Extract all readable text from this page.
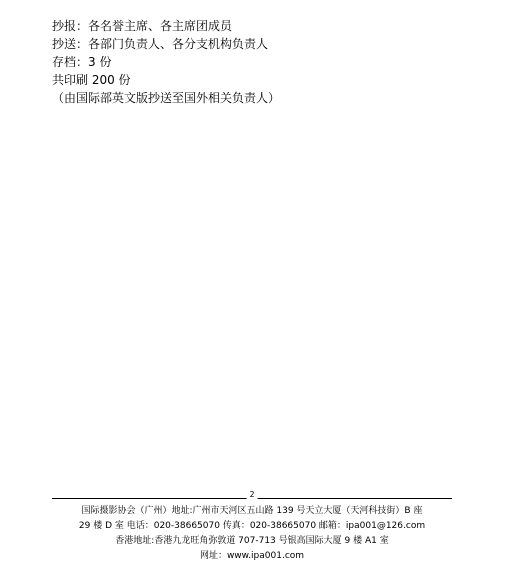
抄报：各名誉主席、各主席团成员
抄送：各部门负责人、各分支机构负责人
存档：3 份
共印刷 200 份
（由国际部英文版抄送至国外相关负责人）
2
国际摄影协会（广州）地址:广州市天河区五山路 139 号天立大厦（天河科技街）B 座
29 楼 D 室 电话：020-38665070 传真：020-38665070 邮箱：ipa001@126.com
香港地址:香港九龙旺角弥敦道 707-713 号银高国际大厦 9 楼 A1 室
网址：www.ipa001.com
